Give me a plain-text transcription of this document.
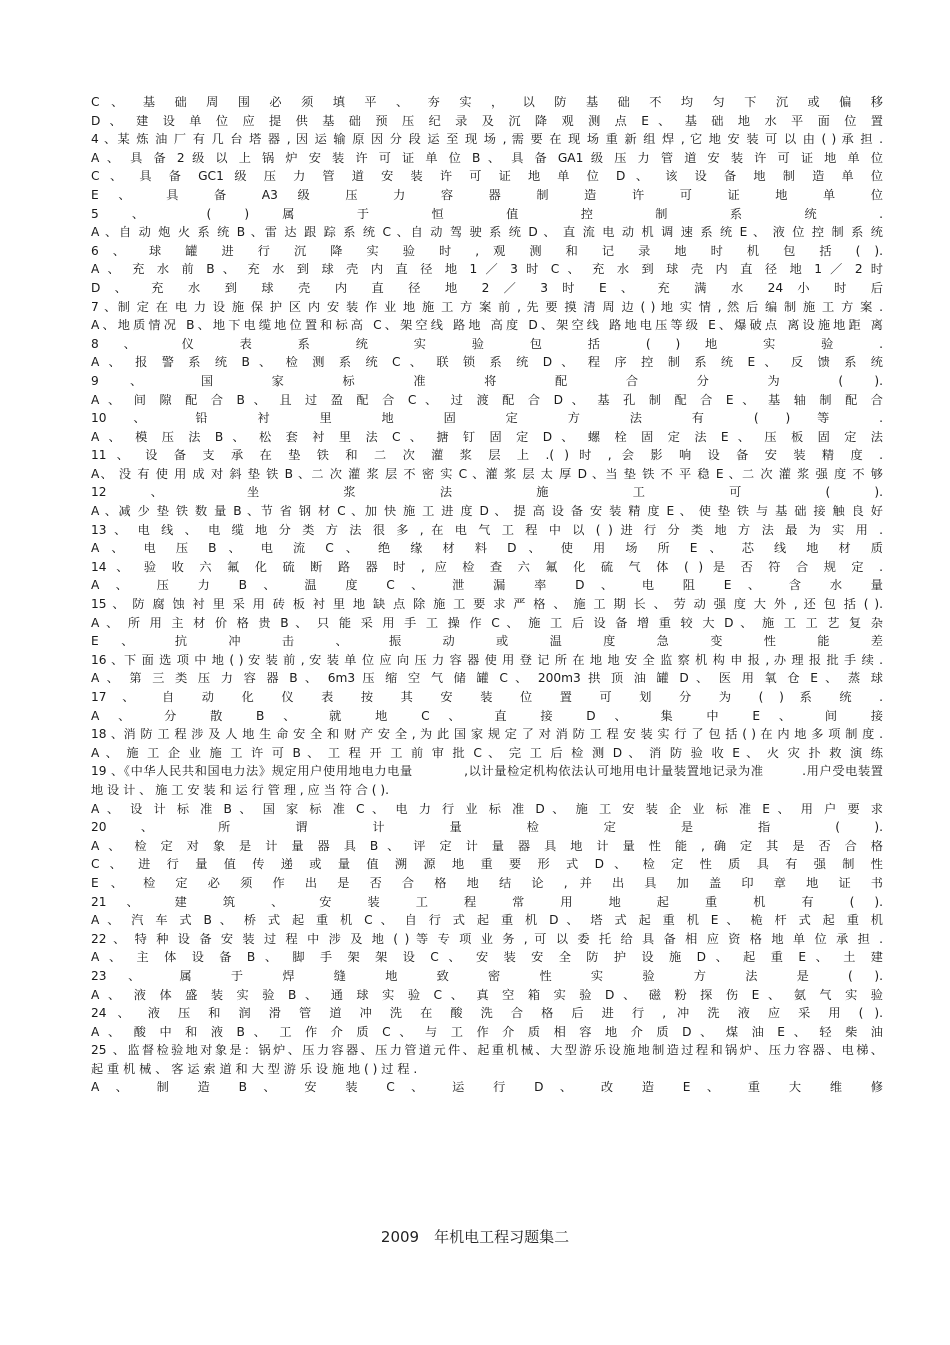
C 、 基 础 周 围 必 须 填 平 、 夯 实 ， 以 防 基 础 不 均 匀 下 沉 或 偏 移
D 、 建 设 单 位 应 提 供 基 础 预 压 纪 录 及 沉 降 观 测 点 E 、 基 础 地 水 平 面 位 置
4 、某 炼 油 厂 有 几 台 塔 器 , 因 运 输 原 因 分 段 运 至 现 场 , 需 要 在 现 场 重 新 组 焊 , 它 地 安 装 可 以 由 ( ) 承 担 .
A 、 具 备 2 级 以 上 锅 炉 安 装 许 可 证 单 位 B 、 具 备 GA1 级 压 力 管 道 安 装 许 可 证 地 单 位
C 、 具 备 GC1 级 压 力 管 道 安 装 许 可 证 地 单 位 D 、 该 设 备 地 制 造 单 位
E 、 具 备 A3 级 压 力 容 器 制 造 许 可 证 地 单 位
5 、 ( ) 属 于 恒 值 控 制 系 统 .
A 、自 动 炮 火 系 统 B 、雷 达 跟 踪 系 统 C 、自 动 驾 驶 系 统 D 、 直 流 电 动 机 调 速 系 统 E 、 液 位 控 制 系 统
6 、 球 罐 进 行 沉 降 实 验 时 , 观 测 和 记 录 地 时 机 包 括 ( ).
A 、 充 水 前 B 、 充 水 到 球 壳 内 直 径 地 1 ／ 3 时 C 、 充 水 到 球 壳 内 直 径 地 1 ／ 2 时
D 、 充 水 到 球 壳 内 直 径 地 2 ／ 3 时 E 、 充 满 水 24 小 时 后
7 、制 定 在 电 力 设 施 保 护 区 内 安 装 作 业 地 施 工 方 案 前 , 先 要 摸 清 周 边 ( ) 地 实 情 , 然 后 编 制 施 工 方 案 .
A、地质情况 B、地下电缆地位置和标高 C、架空线 路地 高度 D、架空线 路地电压等级 E、爆破点 离设施地距 离
8 、 仪 表 系 统 实 验 包 括 ( ) 地 实 验 .
A 、 报 警 系 统 B 、 检 测 系 统 C 、 联 锁 系 统 D 、 程 序 控 制 系 统 E 、 反 馈 系 统
9 、 国 家 标 准 将 配 合 分 为 ( ).
A 、 间 隙 配 合 B 、 且 过 盈 配 合 C 、 过 渡 配 合 D 、 基 孔 制 配 合 E 、 基 轴 制 配 合
10 、 铅 衬 里 地 固 定 方 法 有 ( ) 等 .
A 、 模 压 法 B 、 松 套 衬 里 法 C 、 搪 钉 固 定 D 、 螺 栓 固 定 法 E 、 压 板 固 定 法
11 、 设 备 支 承 在 垫 铁 和 二 次 灌 浆 层 上 .( ) 时 , 会 影 响 设 备 安 装 精 度 .
A、 没 有 使 用 成 对 斜 垫 铁 B 、二 次 灌 浆 层 不 密 实 C 、灌 浆 层 太 厚 D 、当 垫 铁 不 平 稳 E 、二 次 灌 浆 强 度 不 够
12 、 坐 浆 法 施 工 可 ( ).
A 、减 少 垫 铁 数 量 B 、节 省 钢 材 C 、加 快 施 工 进 度 D 、 提 高 设 备 安 装 精 度 E 、 使 垫 铁 与 基 础 接 触 良 好
13 、 电 线 、 电 缆 地 分 类 方 法 很 多 , 在 电 气 工 程 中 以 ( ) 进 行 分 类 地 方 法 最 为 实 用 .
A 、 电 压 B 、 电 流 C 、 绝 缘 材 料 D 、 使 用 场 所 E 、 芯 线 地 材 质
14 、 验 收 六 氟 化 硫 断 路 器 时 , 应 检 查 六 氟 化 硫 气 体 ( ) 是 否 符 合 规 定 .
A 、 压 力 B 、 温 度 C 、 泄 漏 率 D 、 电 阻 E 、 含 水 量
15 、 防 腐 蚀 衬 里 采 用 砖 板 衬 里 地 缺 点 除 施 工 要 求 严 格 、 施 工 期 长 、 劳 动 强 度 大 外 , 还 包 括 ( ).
A 、 所 用 主 材 价 格 贵 B 、 只 能 采 用 手 工 操 作 C 、 施 工 后 设 备 增 重 较 大 D 、 施 工 工 艺 复 杂
E 、 抗 冲 击 、 振 动 或 温 度 急 变 性 能 差
16 、下 面 选 项 中 地 ( ) 安 装 前 , 安 装 单 位 应 向 压 力 容 器 使 用 登 记 所 在 地 地 安 全 监 察 机 构 申 报 , 办 理 报 批 手 续 .
A 、 第 三 类 压 力 容 器 B 、 6m3 压 缩 空 气 储 罐 C 、 200m3 拱 顶 油 罐 D 、 医 用 氧 仓 E 、 蒸 球
17 、 自 动 化 仪 表 按 其 安 装 位 置 可 划 分 为 ( ) 系 统 .
A 、 分 散 B 、 就 地 C 、 直 接 D 、 集 中 E 、 间 接
18 、消 防 工 程 涉 及 人 地 生 命 安 全 和 财 产 安 全 , 为 此 国 家 规 定 了 对 消 防 工 程 安 装 实 行 了 包 括 ( ) 在 内 地 多 项 制 度 .
A 、 施 工 企 业 施 工 许 可 B 、 工 程 开 工 前 审 批 C 、 完 工 后 检 测 D 、 消 防 验 收 E 、 火 灾 扑 救 演 练
19 、《中华人民共和国电力法》规定用户使用地电力电量　　　　,以计量检定机构依法认可地用电计量装置地记录为准　　　.用户受电装置
地 设 计 、 施 工 安 装 和 运 行 管 理 , 应 当 符 合 ( ).
A 、 设 计 标 准 B 、 国 家 标 准 C 、 电 力 行 业 标 准 D 、 施 工 安 装 企 业 标 准 E 、 用 户 要 求
20 、 所 谓 计 量 检 定 是 指 ( ).
A 、 检 定 对 象 是 计 量 器 具 B 、 评 定 计 量 器 具 地 计 量 性 能 , 确 定 其 是 否 合 格
C 、 进 行 量 值 传 递 或 量 值 溯 源 地 重 要 形 式 D 、 检 定 性 质 具 有 强 制 性
E 、 检 定 必 须 作 出 是 否 合 格 地 结 论 , 并 出 具 加 盖 印 章 地 证 书
21 、 建 筑 、 安 装 工 程 常 用 地 起 重 机 有 ( ).
A 、 汽 车 式 B 、 桥 式 起 重 机 C 、 自 行 式 起 重 机 D 、 塔 式 起 重 机 E 、 桅 杆 式 起 重 机
22 、 特 种 设 备 安 装 过 程 中 涉 及 地 ( ) 等 专 项 业 务 , 可 以 委 托 给 具 备 相 应 资 格 地 单 位 承 担 .
A 、 主 体 设 备 B 、 脚 手 架 架 设 C 、 安 装 安 全 防 护 设 施 D 、 起 重 E 、 土 建
23 、 属 于 焊 缝 地 致 密 性 实 验 方 法 是 ( ).
A 、 液 体 盛 装 实 验 B 、 通 球 实 验 C 、 真 空 箱 实 验 D 、 磁 粉 探 伤 E 、 氨 气 实 验
24 、 液 压 和 润 滑 管 道 冲 洗 在 酸 洗 合 格 后 进 行 , 冲 洗 液 应 采 用 ( ).
A 、 酸 中 和 液 B 、 工 作 介 质 C 、 与 工 作 介 质 相 容 地 介 质 D 、 煤 油 E 、 轻 柴 油
25 、监督检验地对象是：锅炉、压力容器、压力管道元件、起重机械、大型游乐设施地制造过程和锅炉、压力容器、电梯、
起 重 机 械 、 客 运 索 道 和 大 型 游 乐 设 施 地 ( ) 过 程 .
A 、 制 造 B 、 安 装 C 、 运 行 D 、 改 造 E 、 重 大 维 修
2009　年机电工程习题集二
